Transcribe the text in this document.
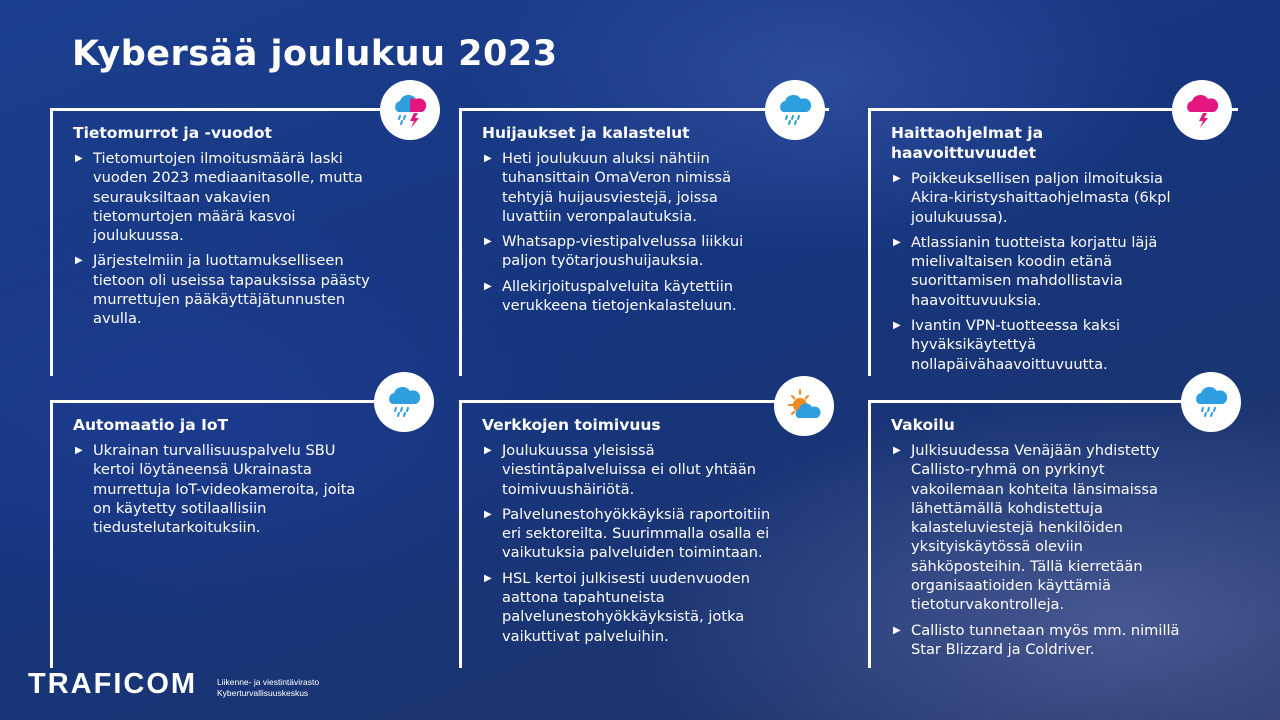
Kybersää joulukuu 2023
Tietomurrot ja -vuodot
▶ Tietomurtojen ilmoitusmäärä laski vuoden 2023 mediaanitasolle, mutta seurauksiltaan vakavien tietomurtojen määrä kasvoi joulukuussa.
▶ Järjestelmiin ja luottamukselliseen tietoon oli useissa tapauksissa päästy murrettujen pääkäyttäjätunnusten avulla.
Huijaukset ja kalastelut
▶ Heti joulukuun aluksi nähtiin tuhansittain OmaVeron nimissä tehtyjä huijausviestejä, joissa luvattiin veronpalautuksia.
▶ Whatsapp-viestipalvelussa liikkui paljon työtarjoushuijauksia.
▶ Allekirjoituspalveluita käytettiin verukkeena tietojenkalasteluun.
Haittaohjelmat ja haavoittuvuudet
▶ Poikkeuksellisen paljon ilmoituksia Akira-kiristyshaittaohjelmasta (6kpl joulukuussa).
▶ Atlassianin tuotteista korjattu läjä mielivaltaisen koodin etänä suorittamisen mahdollistavia haavoittuvuuksia.
▶ Ivantin VPN-tuotteessa kaksi hyväksikäytettyä nollapäivähaavoittuvuutta.
Automaatio ja IoT
▶ Ukrainan turvallisuuspalvelu SBU kertoi löytäneensä Ukrainasta murrettuja IoT-videokameroita, joita on käytetty sotilaallisiin tiedustelutarkoituksiin.
Verkkojen toimivuus
▶ Joulukuussa yleisissä viestintäpalveluissa ei ollut yhtään toimivuushäiriötä.
▶ Palvelunestohyökkäyksiä raportoitiin eri sektoreilta. Suurimmalla osalla ei vaikutuksia palveluiden toimintaan.
▶ HSL kertoi julkisesti uudenvuoden aattona tapahtuneista palvelunestohyökkäyksistä, jotka vaikuttivat palveluihin.
Vakoilu
▶ Julkisuudessa Venäjään yhdistetty Callisto-ryhmä on pyrkinyt vakoilemaan kohteita länsimaissa lähettämällä kohdistettuja kalasteluviestejä henkilöiden yksityiskäytössä oleviin sähköposteihin. Tällä kierretään organisaatioiden käyttämiä tietoturvakontrolleja.
▶ Callisto tunnetaan myös mm. nimillä Star Blizzard ja Coldriver.
TRAFICOM Liikenne- ja viestintävirasto
Kyberturvallisuuskeskus
